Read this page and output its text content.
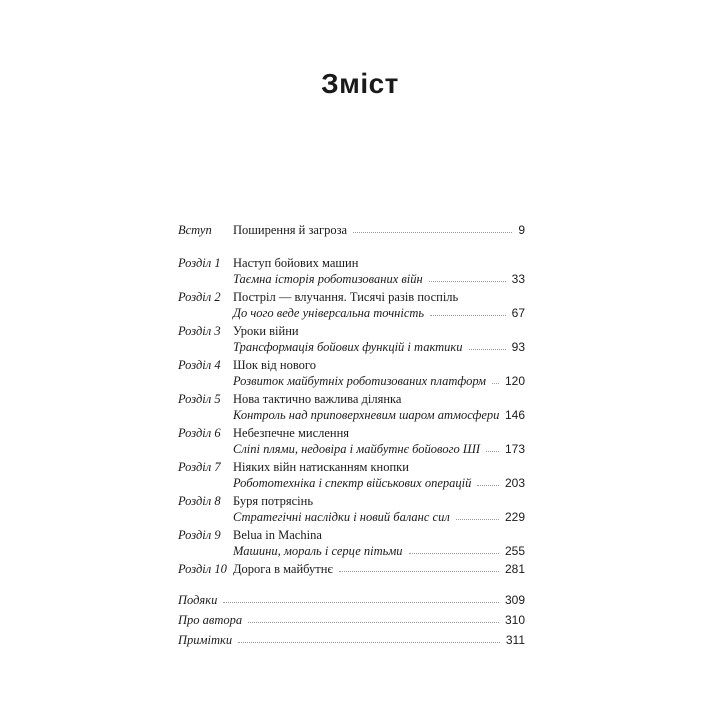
Зміст
Вступ Поширення й загроза	9
Розділ 1 Наступ бойових машин
Таємна історія роботизованих війн	33
Розділ 2 Постріл — влучання. Тисячі разів поспіль
До чого веде універсальна точність	67
Розділ 3 Уроки війни
Трансформація бойових функцій і тактики	93
Розділ 4 Шок від нового
Розвиток майбутніх роботизованих платформ 120
Розділ 5 Нова тактично важлива ділянка
Контроль над приповерхневим шаром атмосфери 146
Розділ 6 Небезпечне мислення
Сліпі плями, недовіра і майбутнє бойового ШІ 173
Розділ 7 Ніяких війн натисканням кнопки
Робототехніка і спектр військових операцій	203
Розділ 8 Буря потрясінь
Стратегічні наслідки і новий баланс сил	229
Розділ 9 Belua in Machina
Машини, мораль і серце пітьми	255
Розділ 10 Дорога в майбутнє	281
Подяки	309
Про автора	310
Примітки	311
